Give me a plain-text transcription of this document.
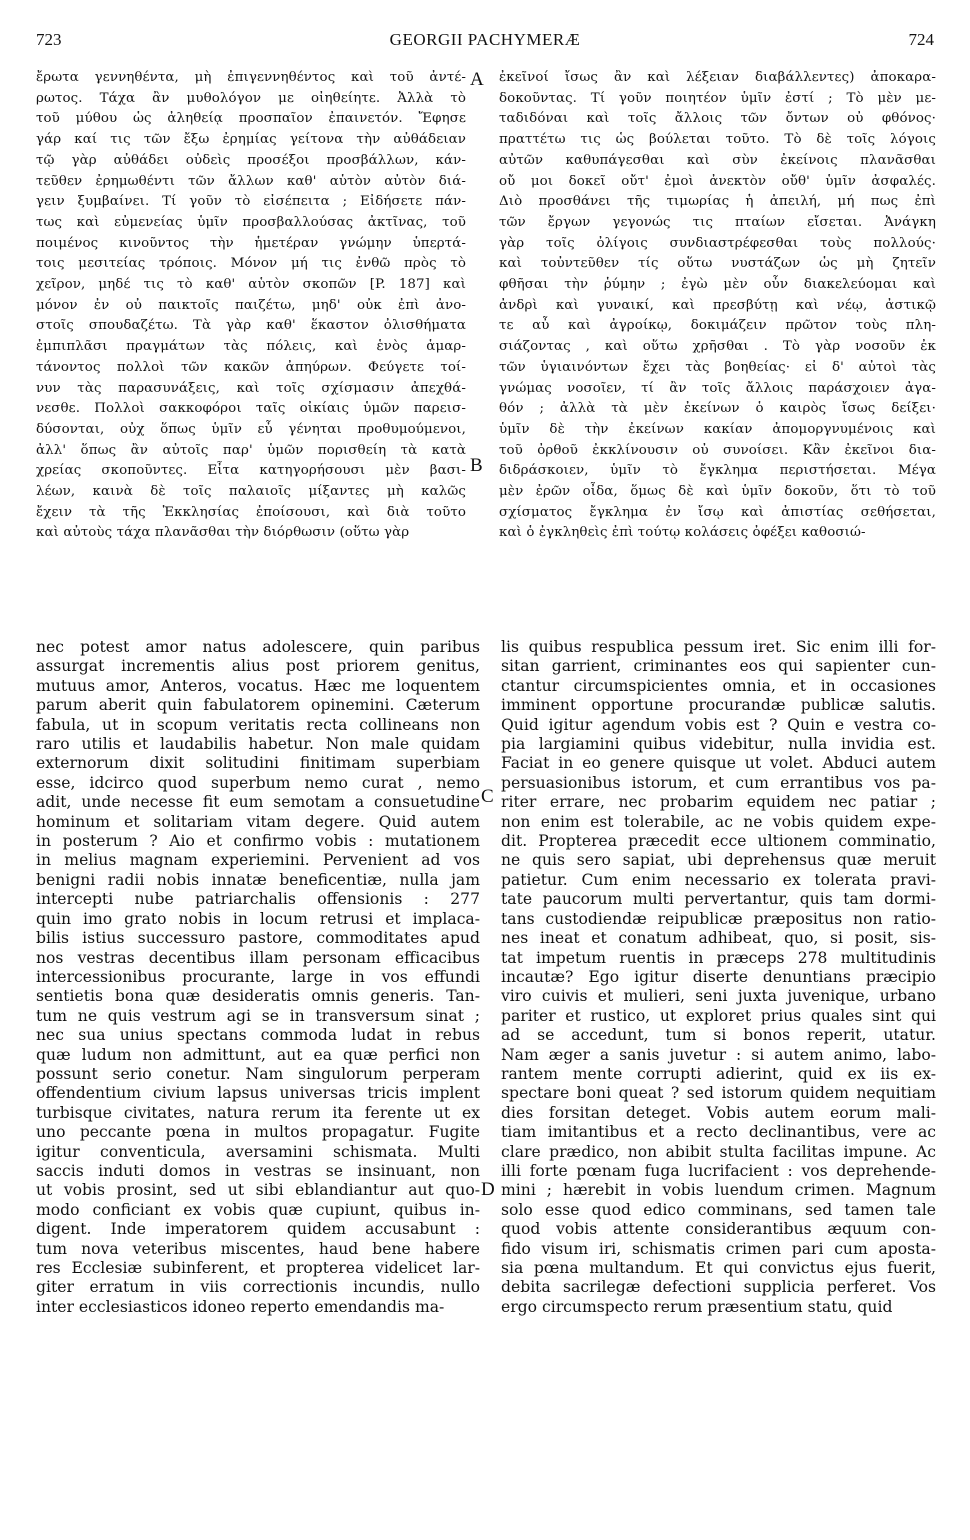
GEORGII PACHYMERÆ
723	724
ἔρωτα γεννηθέντα, μὴ ἐπιγεννηθέντος καὶ τοῦ ἀντέ-
ρωτος. Τάχα ἂν μυθολόγον με οἰηθείητε. Ἀλλὰ τὸ
τοῦ μύθου ὡς ἀληθείᾳ προσπαῖον ἐπαινετόν. Ἔφησε
γάρ καί τις τῶν ἔξω ἐρημίας γείτονα τὴν αὐθάδειαν
τῷ γὰρ αὐθάδει οὐδεὶς προσέξοι προσβάλλων, κάν-
τεῦθεν ἐρημωθέντι τῶν ἄλλων καθ' αὑτὸν αὐτὸν διά-
γειν ξυμβαίνει. Τί γοῦν τὸ εἰσέπειτα ; Εἰδήσετε πάν-
τως καὶ εὐμενείας ὑμῖν προσβαλλούσας ἀκτῖνας, τοῦ
ποιμένος κινοῦντος τὴν ἡμετέραν γνώμην ὑπερτά-
τοις μεσιτείας τρόποις. Μόνον μή τις ἐνθῶ πρὸς τὸ
χεῖρον, μηδέ τις τὸ καθ' αὑτὸν σκοπῶν [P. 187] καὶ
μόνον ἐν οὐ παικτοῖς παιζέτω, μηδ' οὐκ ἐπὶ ἀνο-
στοῖς σπουδαζέτω. Τὰ γὰρ καθ' ἕκαστον ὀλισθήματα
ἐμπιπλᾶσι πραγμάτων τὰς πόλεις, καὶ ἑνὸς ἁμαρ-
τάνοντος πολλοὶ τῶν κακῶν ἀπηύρων. Φεύγετε τοί-
νυν τὰς παρασυνάξεις, καὶ τοῖς σχίσμασιν ἀπεχθά-
νεσθε. Πολλοὶ σακκοφόροι ταῖς οἰκίαις ὑμῶν παρεισ-
δύσονται, οὐχ ὅπως ὑμῖν εὖ γένηται προθυμούμενοι,
ἀλλ' ὅπως ἂν αὐτοῖς παρ' ὑμῶν πορισθείη τὰ κατὰ
χρείας σκοποῦντες. Εἶτα κατηγορήσουσι μὲν βασι-
λέων, καινὰ δὲ τοῖς παλαιοῖς μίξαντες μὴ καλῶς
ἔχειν τὰ τῆς Ἐκκλησίας ἐποίσουσι, καὶ διὰ τοῦτο
καὶ αὐτοὺς τάχα πλανᾶσθαι τὴν διόρθωσιν (οὕτω γὰρ
ἐκεῖνοί ἴσως ἂν καὶ λέξειαν διαβάλλεντες) ἀποκαρα-
δοκοῦντας. Τί γοῦν ποιητέον ὑμῖν ἐστί ; Τὸ μὲν με-
ταδιδόναι καὶ τοῖς ἄλλοις τῶν ὄντων οὐ φθόνος·
πραττέτω τις ὡς βούλεται τοῦτο. Τὸ δὲ τοῖς λόγοις
αὐτῶν καθυπάγεσθαι καὶ σὺν ἐκείνοις πλανᾶσθαι
οὔ μοι δοκεῖ οὔτ' ἐμοὶ ἀνεκτὸν οὔθ' ὑμῖν ἀσφαλές.
Διὸ προσθάνει τῆς τιμωρίας ἡ ἀπειλή, μή πως ἐπὶ
τῶν ἔργων γεγονώς τις πταίων εἴσεται. Ἀνάγκη
γὰρ τοῖς ὀλίγοις συνδιαστρέφεσθαι τοὺς πολλούς·
καὶ τοὐντεῦθεν τίς οὕτω νυστάζων ὡς μὴ ζητεῖν
φθῆσαι τὴν ῥύμην ; ἐγὼ μὲν οὖν διακελεύομαι καὶ
ἀνδρὶ καὶ γυναικί, καὶ πρεσβύτῃ καὶ νέῳ, ἀστικῷ
τε αὖ καὶ ἀγροίκῳ, δοκιμάζειν πρῶτον τοὺς πλη-
σιάζοντας , καὶ οὕτω χρῆσθαι . Τὸ γὰρ νοσοῦν ἐκ
τῶν ὑγιαινόντων ἔχει τὰς βοηθείας· εἰ δ' αὐτοὶ τὰς
γνώμας νοσοῖεν, τί ἂν τοῖς ἄλλοις παράσχοιεν ἀγα-
θόν ; ἀλλὰ τὰ μὲν ἐκείνων ὁ καιρὸς ἴσως δείξει·
ὑμῖν δὲ τὴν ἐκείνων κακίαν ἀπομοργνυμένοις καὶ
τοῦ ὀρθοῦ ἐκκλίνουσιν οὐ συνοίσει. Κἂν ἐκεῖνοι δια-
διδράσκοιεν, ὑμῖν τὸ ἔγκλημα περιστήσεται. Μέγα
μὲν ἐρῶν οἶδα, ὅμως δὲ καὶ ὑμῖν δοκοῦν, ὅτι τὸ τοῦ
σχίσματος ἔγκλημα ἐν ἴσῳ καὶ ἀπιστίας σεθήσεται,
καὶ ὁ ἐγκληθεὶς ἐπὶ τούτῳ κολάσεις ὀφέξει καθοσιώ-
nec potest amor natus adolescere, quin paribus
assurgat incrementis alius post priorem genitus,
mutuus amor, Anteros, vocatus. Hæc me loquentem
parum aberit quin fabulatorem opinemini. Cæterum
fabula, ut in scopum veritatis recta collineans non
raro utilis et laudabilis habetur. Non male quidam
externorum dixit solitudini finitimam superbiam
esse, idcirco quod superbum nemo curat , nemo
adit, unde necesse fit eum semotam a consuetudine
hominum et solitariam vitam degere. Quid autem
in posterum ? Aio et confirmo vobis : mutationem
in melius magnam experiemini. Pervenient ad vos
benigni radii nobis innatæ beneficentiæ, nulla jam
intercepti nube patriarchalis offensionis : 277
quin imo grato nobis in locum retrusi et implaca-
bilis istius successuro pastore, commoditates apud
nos vestras decentibus illam personam efficacibus
intercessionibus procurante, large in vos effundi
sentietis bona quæ desideratis omnis generis. Tan-
tum ne quis vestrum agi se in transversum sinat ;
nec sua unius spectans commoda ludat in rebus
quæ ludum non admittunt, aut ea quæ perfici non
possunt serio conetur. Nam singulorum perperam
offendentium civium lapsus universas tricis implent
turbisque civitates, natura rerum ita ferente ut ex
uno peccante pœna in multos propagatur. Fugite
igitur conventicula, aversamini schismata. Multi
saccis induti domos in vestras se insinuant, non
ut vobis prosint, sed ut sibi eblandiantur aut quo-
modo conficiant ex vobis quæ cupiunt, quibus in-
digent. Inde imperatorem quidem accusabunt :
tum nova veteribus miscentes, haud bene habere
res Ecclesiæ subinferent, et propterea videlicet lar-
giter erratum in viis correctionis incundis, nullo
inter ecclesiasticos idoneo reperto emendandis ma-
lis quibus respublica pessum iret. Sic enim illi for-
sitan garrient, criminantes eos qui sapienter cun-
ctantur circumspicientes omnia, et in occasiones
imminent opportune procurandæ publicæ salutis.
Quid igitur agendum vobis est ? Quin e vestra co-
pia largiamini quibus videbitur, nulla invidia est.
Faciat in eo genere quisque ut volet. Abduci autem
persuasionibus istorum, et cum errantibus vos pa-
riter errare, nec probarim equidem nec patiar ;
non enim est tolerabile, ac ne vobis quidem expe-
dit. Propterea præcedit ecce ultionem comminatio,
ne quis sero sapiat, ubi deprehensus quæ meruit
patietur. Cum enim necessario ex tolerata pravi-
tate paucorum multi pervertantur, quis tam dormi-
tans custodiendæ reipublicæ præpositus non ratio-
nes ineat et conatum adhibeat, quo, si posit, sis-
tat impetum ruentis in præceps 278 multitudinis
incautæ? Ego igitur diserte denuntians præcipio
viro cuivis et mulieri, seni juxta juvenique, urbano
pariter et rustico, ut exploret prius quales sint qui
ad se accedunt, tum si bonos reperit, utatur.
Nam æger a sanis juvetur : si autem animo, labo-
rantem mente corrupti adierint, quid ex iis ex-
spectare boni queat ? sed istorum quidem nequitiam
dies forsitan deteget. Vobis autem eorum mali-
tiam imitantibus et a recto declinantibus, vere ac
clare prædico, non abibit stulta facilitas impune. Ac
illi forte pœnam fuga lucrifacient : vos deprehende-
mini ; hærebit in vobis luendum crimen. Magnum
solo esse quod edico comminans, sed tamen tale
quod vobis attente considerantibus æquum con-
fido visum iri, schismatis crimen pari cum aposta-
sia pœna multandum. Et qui convictus ejus fuerit,
debita sacrilegæ defectioni supplicia perferet. Vos
ergo circumspecto rerum præsentium statu, quid
A
B
C
D
